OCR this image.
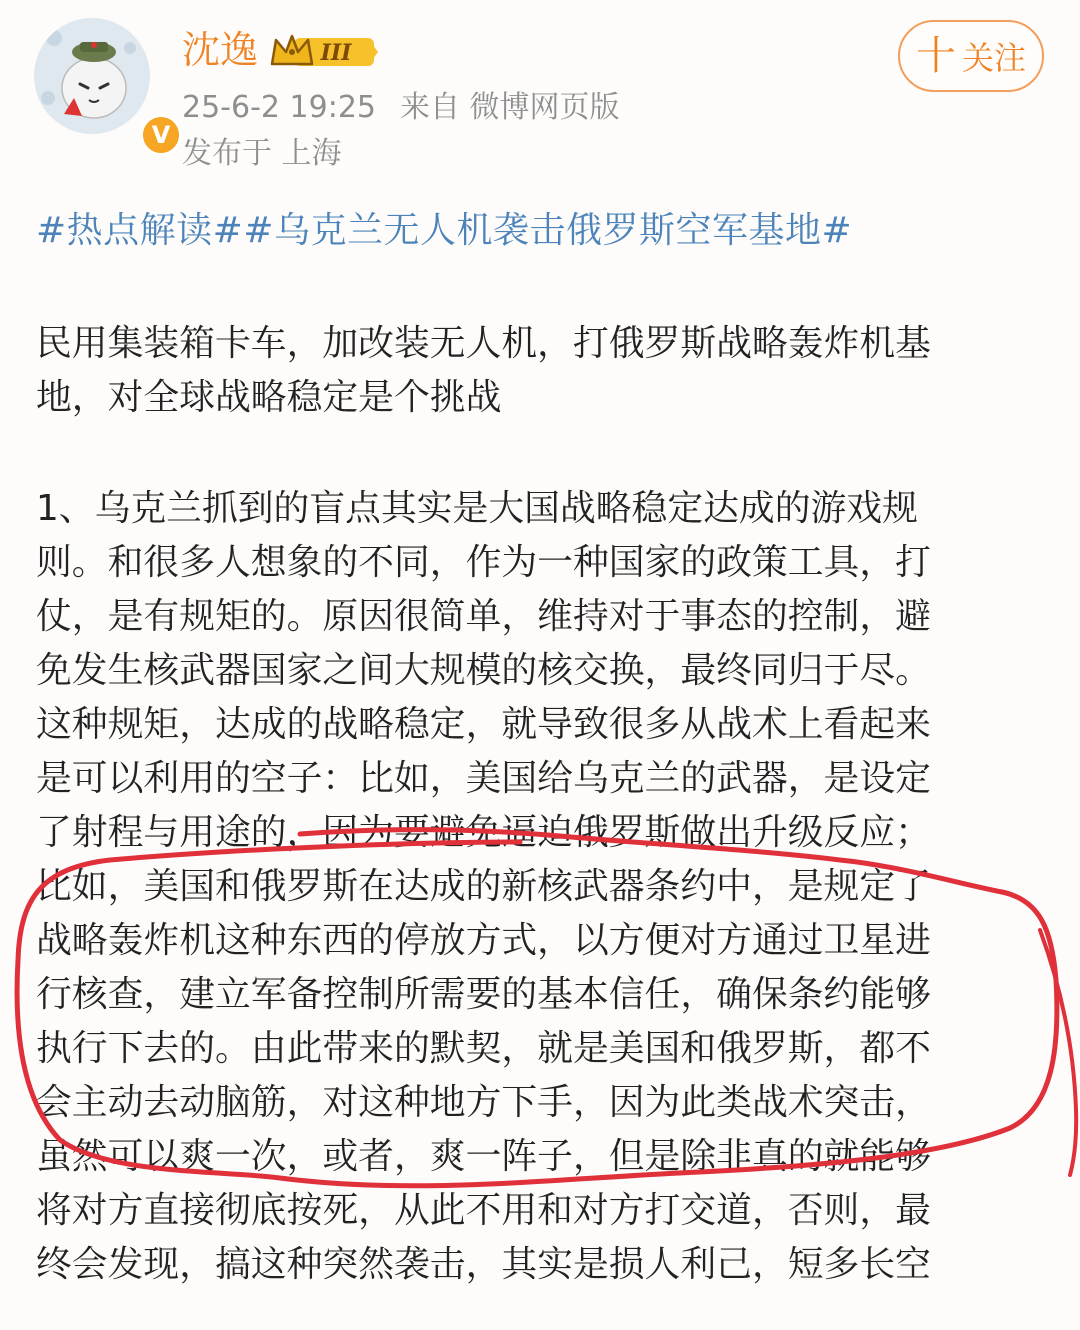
V
沈逸	III
25-6-2 19:25 来自 微博网页版
发布于 上海
十 关注
#热点解读##乌克兰无人机袭击俄罗斯空军基地#
民用集装箱卡车，加改装无人机，打俄罗斯战略轰炸机基
地，对全球战略稳定是个挑战
1、乌克兰抓到的盲点其实是大国战略稳定达成的游戏规
则。和很多人想象的不同，作为一种国家的政策工具，打
仗，是有规矩的。原因很简单，维持对于事态的控制，避
免发生核武器国家之间大规模的核交换，最终同归于尽。
这种规矩，达成的战略稳定，就导致很多从战术上看起来
是可以利用的空子：比如，美国给乌克兰的武器，是设定
了射程与用途的，因为要避免逼迫俄罗斯做出升级反应；
比如，美国和俄罗斯在达成的新核武器条约中，是规定了
战略轰炸机这种东西的停放方式，以方便对方通过卫星进
行核查，建立军备控制所需要的基本信任，确保条约能够
执行下去的。由此带来的默契，就是美国和俄罗斯，都不
会主动去动脑筋，对这种地方下手，因为此类战术突击，
虽然可以爽一次，或者，爽一阵子，但是除非真的就能够
将对方直接彻底按死，从此不用和对方打交道，否则，最
终会发现，搞这种突然袭击，其实是损人利己，短多长空
